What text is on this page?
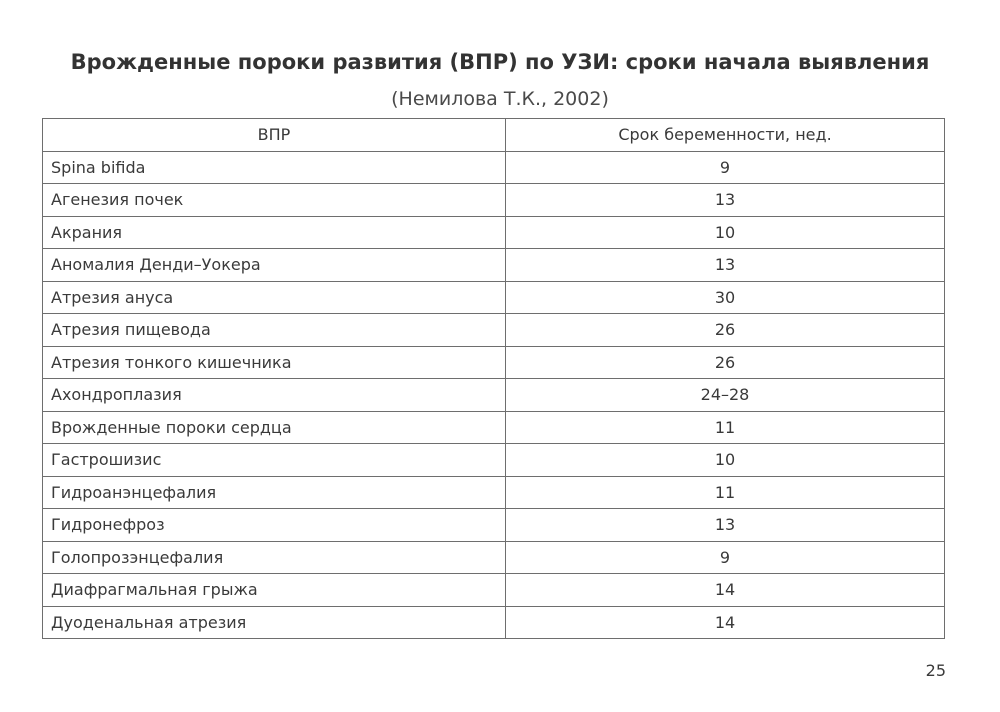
Врожденные пороки развития (ВПР) по УЗИ: сроки начала выявления
(Немилова Т.К., 2002)
ВПР	Срок беременности, нед.
Spina bifida	9
Агенезия почек	13
Акрания	10
Аномалия Денди–Уокера	13
Атрезия ануса	30
Атрезия пищевода	26
Атрезия тонкого кишечника	26
Ахондроплазия	24–28
Врожденные пороки сердца	11
Гастрошизис	10
Гидроанэнцефалия	11
Гидронефроз	13
Голопрозэнцефалия	9
Диафрагмальная грыжа	14
Дуоденальная атрезия	14
25
